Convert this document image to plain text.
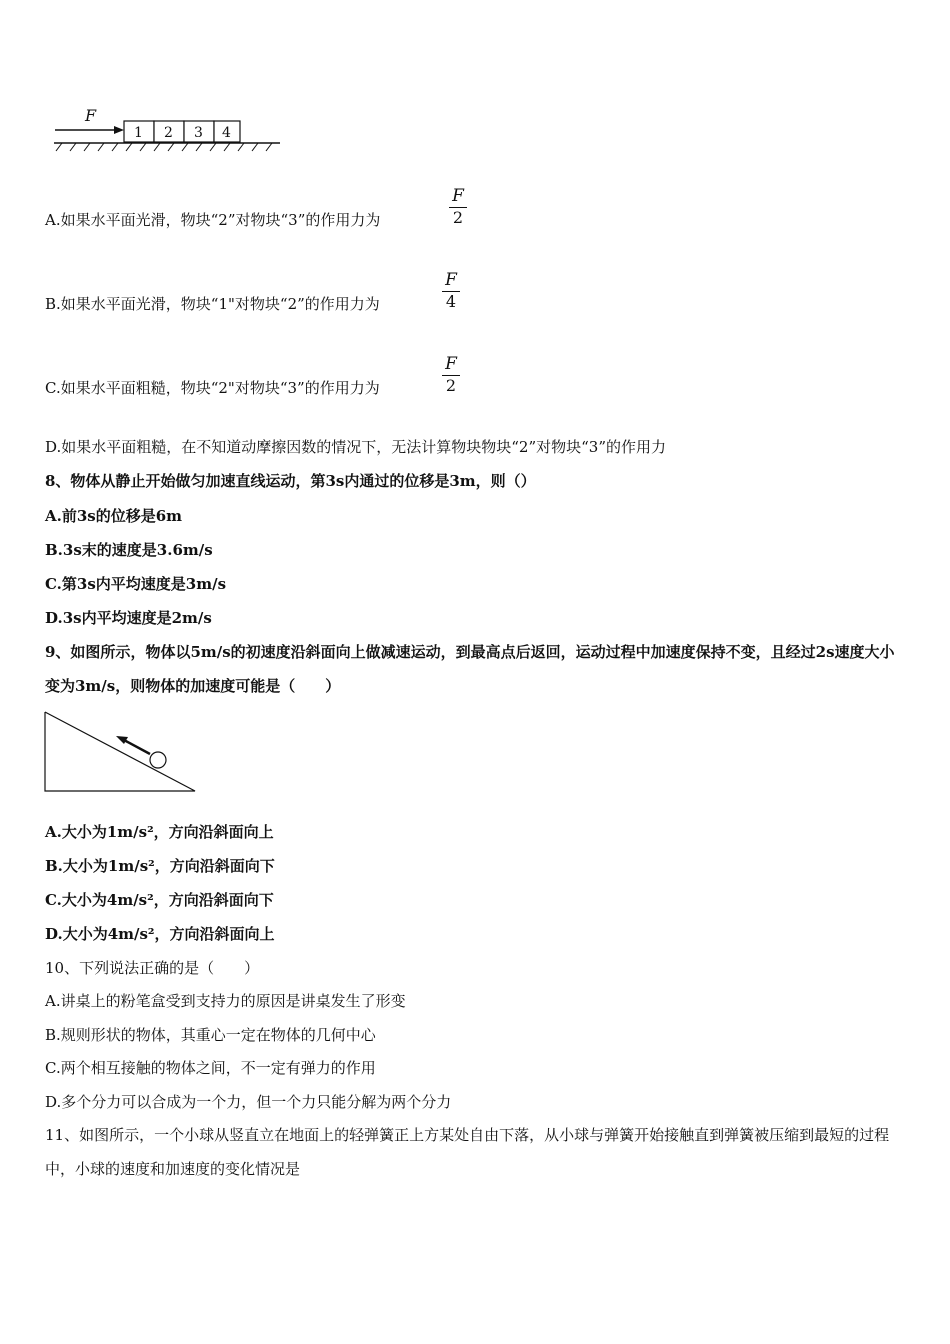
F
1 2 3 4
A.如果水平面光滑，物块“2”对物块“3”的作用力为	$\frac{F}{2}$
B.如果水平面光滑，物块“1"对物块“2”的作用力为	$\frac{F}{4}$
C.如果水平面粗糙，物块“2"对物块“3”的作用力为	$\frac{F}{2}$
D.如果水平面粗糙，在不知道动摩擦因数的情况下，无法计算物块物块“2”对物块“3”的作用力
8、物体从静止开始做匀加速直线运动，第3s内通过的位移是3m，则（）
A.前3s的位移是6m
B.3s末的速度是3.6m/s
C.第3s内平均速度是3m/s
D.3s内平均速度是2m/s
9、如图所示，物体以5m/s的初速度沿斜面向上做减速运动，到最高点后返回，运动过程中加速度保持不变，且经过2s速度大小变为3m/s，则物体的加速度可能是（　　）
A.大小为1m/s²，方向沿斜面向上
B.大小为1m/s²，方向沿斜面向下
C.大小为4m/s²，方向沿斜面向下
D.大小为4m/s²，方向沿斜面向上
10、下列说法正确的是（　　）
A.讲桌上的粉笔盒受到支持力的原因是讲桌发生了形变
B.规则形状的物体，其重心一定在物体的几何中心
C.两个相互接触的物体之间，不一定有弹力的作用
D.多个分力可以合成为一个力，但一个力只能分解为两个分力
11、如图所示，一个小球从竖直立在地面上的轻弹簧正上方某处自由下落，从小球与弹簧开始接触直到弹簧被压缩到最短的过程中，小球的速度和加速度的变化情况是
